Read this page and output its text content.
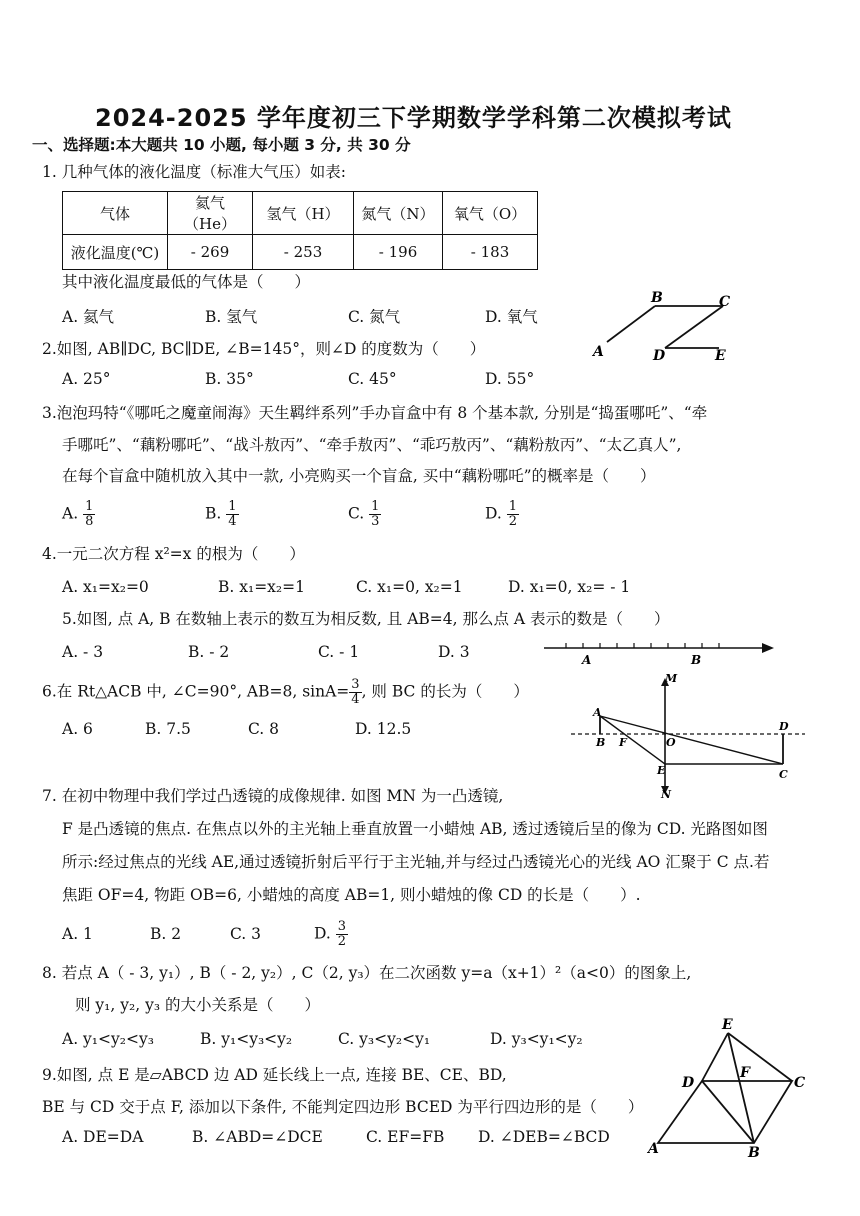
2024-2025 学年度初三下学期数学学科第二次模拟考试
一、选择题:本大题共 10 小题, 每小题 3 分, 共 30 分
1. 几种气体的液化温度（标准大气压）如表:
气体	氦气（He）	氢气（H）	氮气（N）	氧气（O）
液化温度(℃)	- 269	- 253	- 196	- 183
其中液化温度最低的气体是（　　）
A. 氦气	B. 氢气	C. 氮气	D. 氧气
A
B	C
D	E
2.如图, AB∥DC, BC∥DE, ∠B=145°，则∠D 的度数为（　　）
A. 25°	B. 35°	C. 45°	D. 55°
3.泡泡玛特“《哪吒之魔童闹海》天生羁绊系列”手办盲盒中有 8 个基本款, 分别是“捣蛋哪吒”、“牵
手哪吒”、“藕粉哪吒”、“战斗敖丙”、“牵手敖丙”、“乖巧敖丙”、“藕粉敖丙”、“太乙真人”,
在每个盲盒中随机放入其中一款, 小亮购买一个盲盒, 买中“藕粉哪吒”的概率是（　　）
A. $\frac{1}{8}$	B. $\frac{1}{4}$	C. $\frac{1}{3}$	D. $\frac{1}{2}$
4.一元二次方程 x²=x 的根为（　　）
A. x₁=x₂=0	B. x₁=x₂=1	C. x₁=0, x₂=1	D. x₁=0, x₂= - 1
5.如图, 点 A, B 在数轴上表示的数互为相反数, 且 AB=4, 那么点 A 表示的数是（　　）
A. - 3	B. - 2	C. - 1	D. 3	A	B
6.在 Rt△ACB 中, ∠C=90°, AB=8, $\sin A= \frac{3}{4}$ , 则 BC 的长为（　　）
A. 6	B. 7.5	C. 8	D. 12.5
M
A
B F	O
E
N
D
C
7. 在初中物理中我们学过凸透镜的成像规律. 如图 MN 为一凸透镜,
F 是凸透镜的焦点. 在焦点以外的主光轴上垂直放置一小蜡烛 AB, 透过透镜后呈的像为 CD. 光路图如图
所示:经过焦点的光线 AE,通过透镜折射后平行于主光轴,并与经过凸透镜光心的光线 AO 汇聚于 C 点.若
焦距 OF=4, 物距 OB=6, 小蜡烛的高度 AB=1, 则小蜡烛的像 CD 的长是（　　）.
A. 1	B. 2	C. 3	D. $\frac{3}{2}$
8. 若点 A（ - 3, y₁）, B（ - 2, y₂）, C（2, y₃）在二次函数 y=a（x+1）²（a<0）的图象上,
则 y₁, y₂, y₃ 的大小关系是（　　）
A. y₁<y₂<y₃	B. y₁<y₃<y₂	C. y₃<y₂<y₁	D. y₃<y₁<y₂
E
D
F
C
A	B
9.如图, 点 E 是▱ABCD 边 AD 延长线上一点, 连接 BE、CE、BD,
BE 与 CD 交于点 F, 添加以下条件, 不能判定四边形 BCED 为平行四边形的是（　　）
A. DE=DA	B. ∠ABD=∠DCE	C. EF=FB D. ∠DEB=∠BCD
